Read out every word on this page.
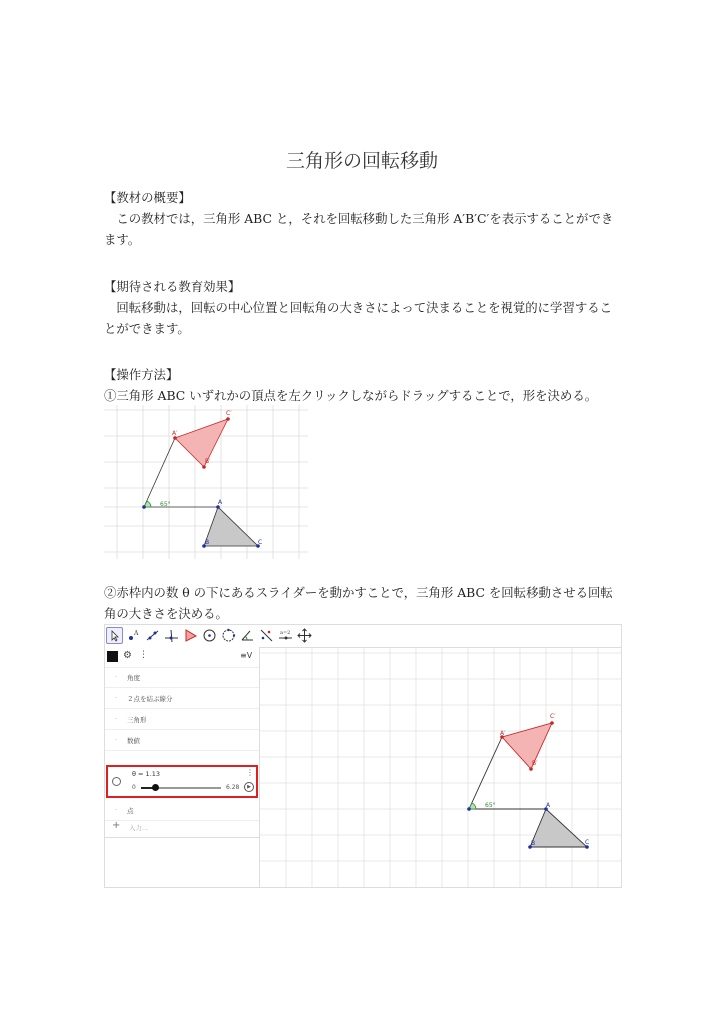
三角形の回転移動
【教材の概要】
　この教材では，三角形 ABC と，それを回転移動した三角形 A′B′C′を表示することができます。
【期待される教育効果】
　回転移動は，回転の中心位置と回転角の大きさによって決まることを視覚的に学習することができます。
【操作方法】
①三角形 ABC いずれかの頂点を左クリックしながらドラッグすることで，形を決める。
65°	A
B	C
A′
B′
C′
②赤枠内の数 θ の下にあるスライダーを動かすことで，三角形 ABC を回転移動させる回転角の大きさを決める。
A	a=2
⚙ ⋮	≡V
· 角度
· ２点を結ぶ線分
· 三角形
· 数値
θ = 1.13	⋮
0	6.28	▶
· 点
+ 入力...
65°	A
B	C
A′
B′
C′
